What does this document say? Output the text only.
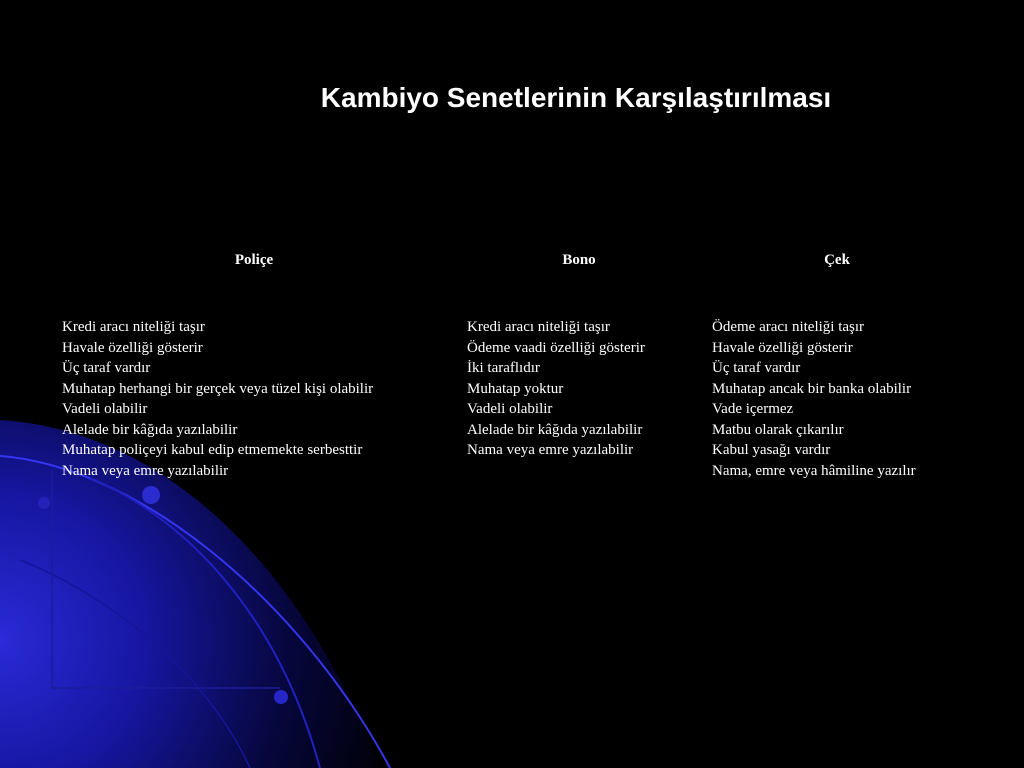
Kambiyo Senetlerinin Karşılaştırılması
Poliçe	Bono	Çek
Kredi aracı niteliği taşır
Havale özelliği gösterir
Üç taraf vardır
Muhatap herhangi bir gerçek veya tüzel kişi olabilir
Vadeli olabilir
Alelade bir kâğıda yazılabilir
Muhatap poliçeyi kabul edip etmemekte serbesttir
Nama veya emre yazılabilir
Kredi aracı niteliği taşır
Ödeme vaadi özelliği gösterir
İki taraflıdır
Muhatap yoktur
Vadeli olabilir
Alelade bir kâğıda yazılabilir
Nama veya emre yazılabilir
Ödeme aracı niteliği taşır
Havale özelliği gösterir
Üç taraf vardır
Muhatap ancak bir banka olabilir
Vade içermez
Matbu olarak çıkarılır
Kabul yasağı vardır
Nama, emre veya hâmiline yazılır
